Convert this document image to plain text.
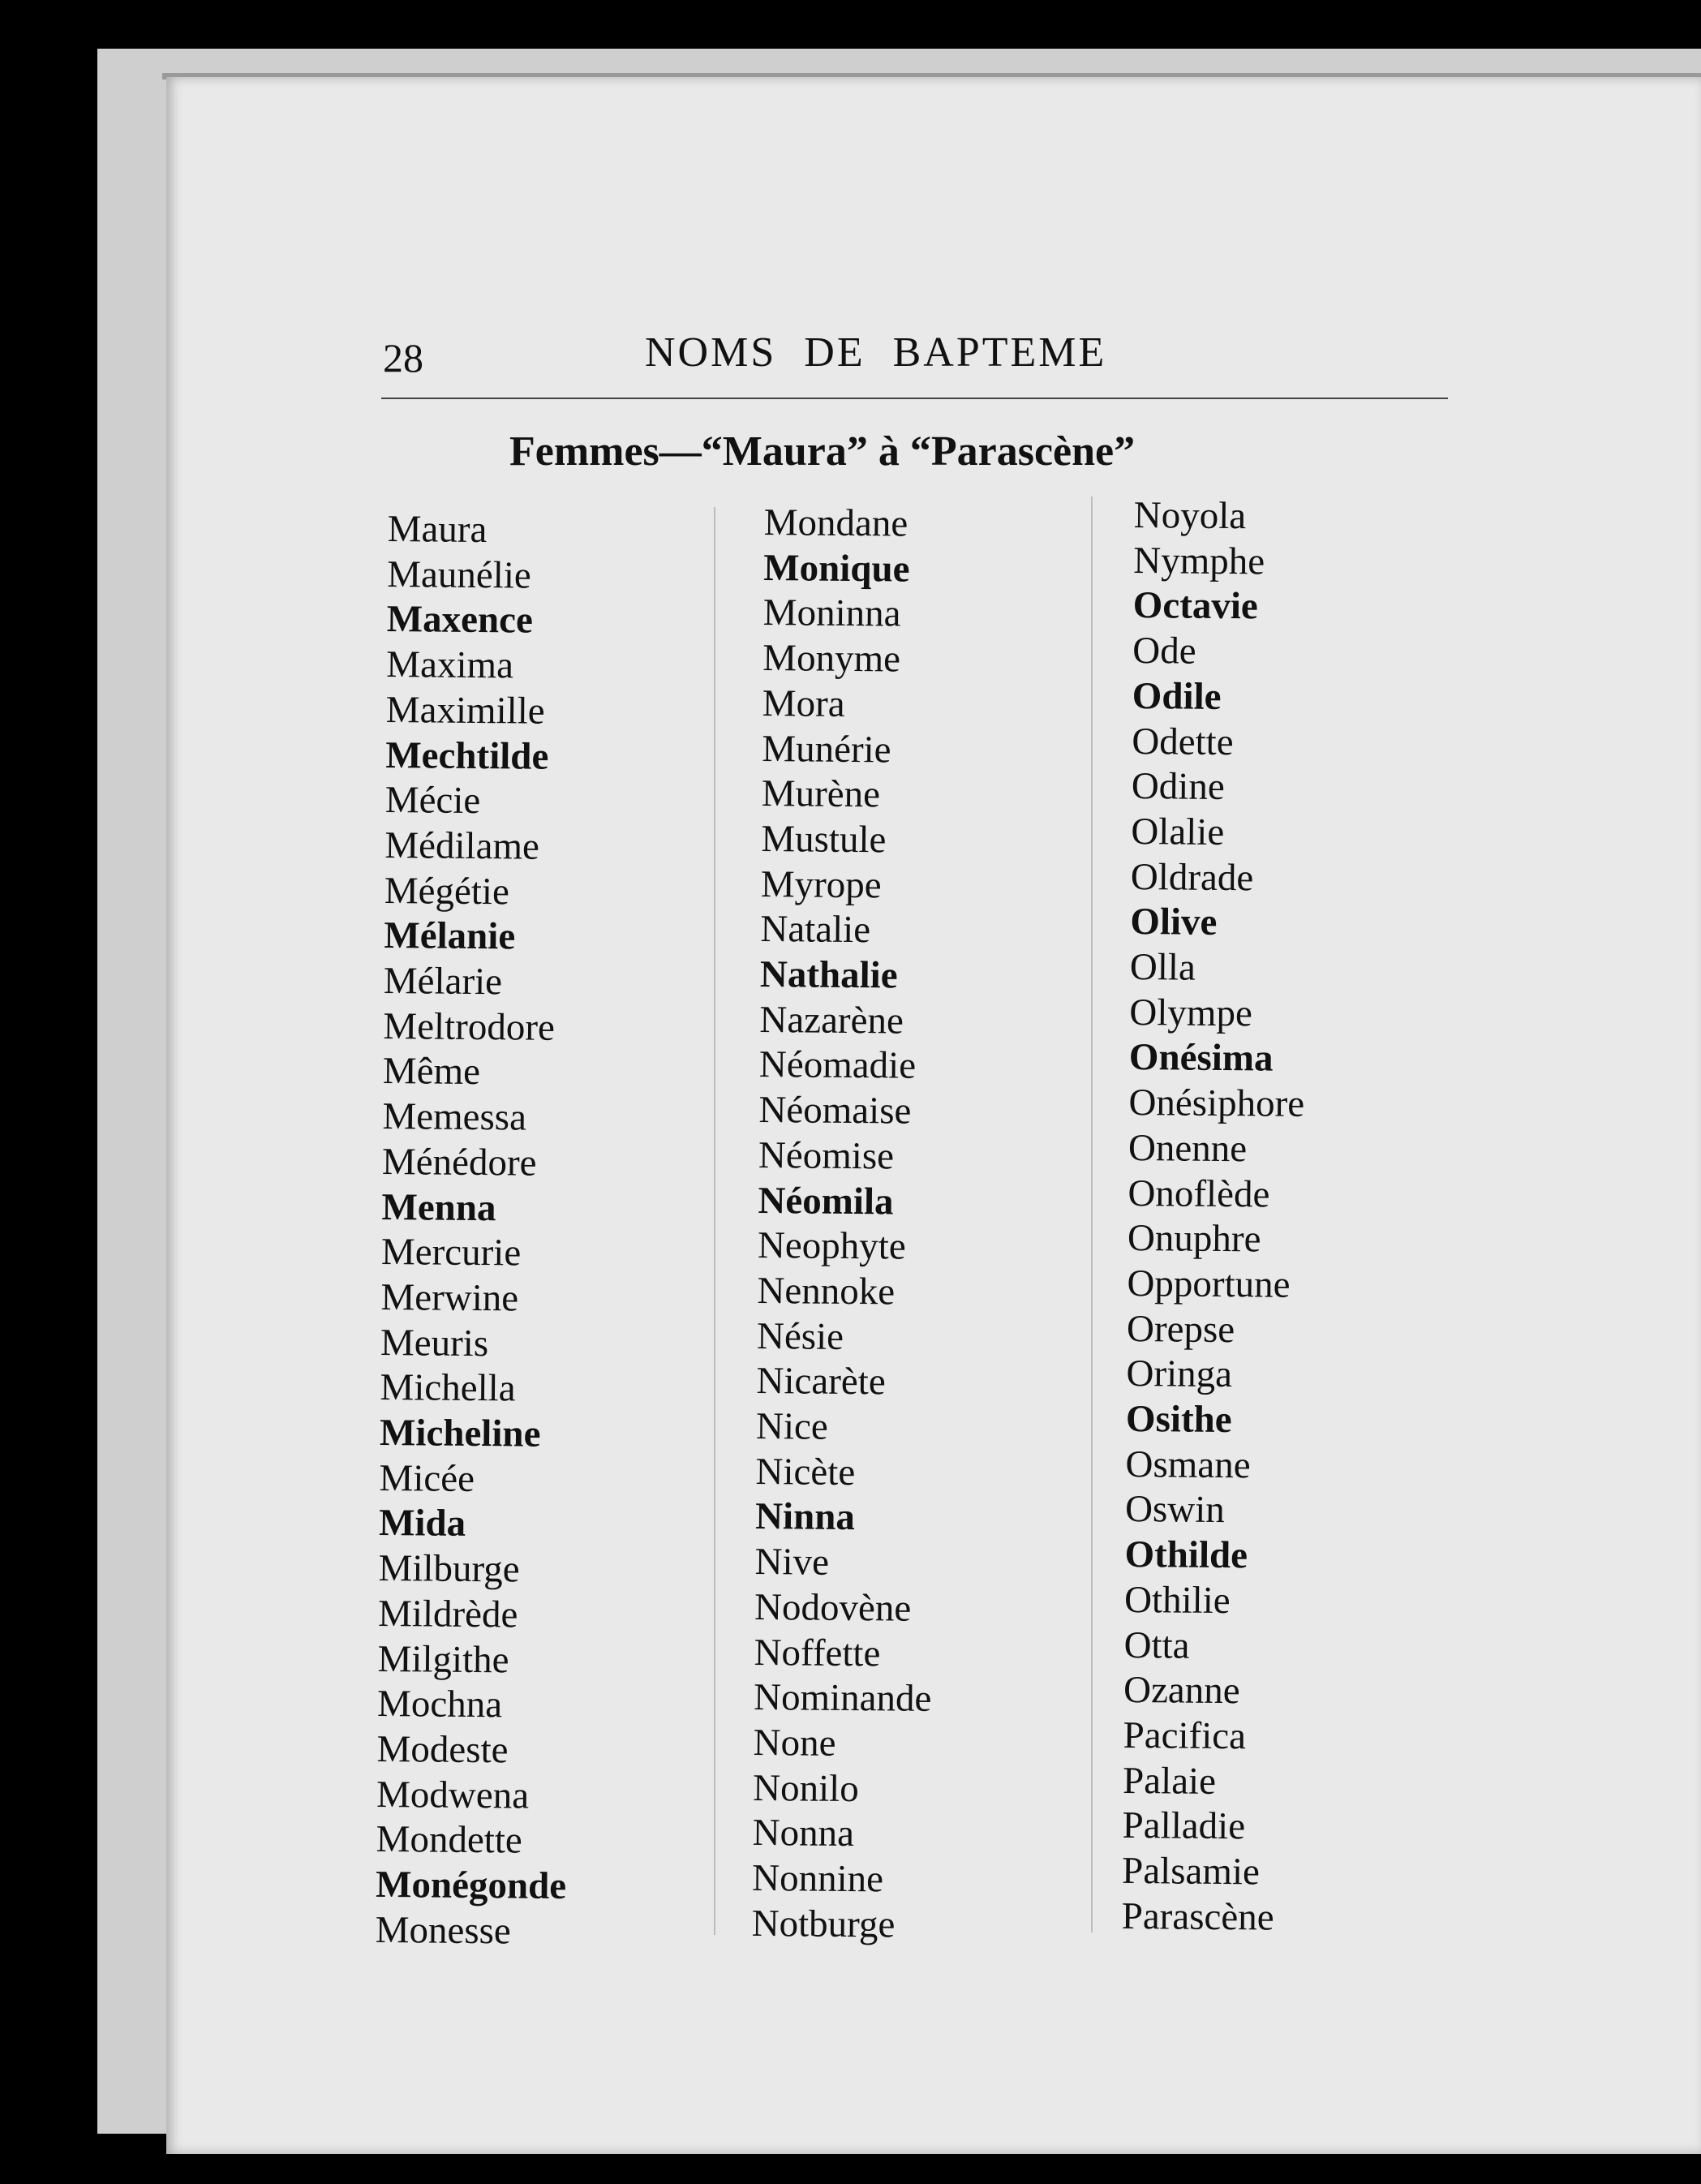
28	NOMS DE BAPTEME
Femmes—“Maura” à “Parascène”
Maura
Maunélie
Maxence
Maxima
Maximille
Mechtilde
Mécie
Médilame
Mégétie
Mélanie
Mélarie
Meltrodore
Même
Memessa
Ménédore
Menna
Mercurie
Merwine
Meuris
Michella
Micheline
Micée
Mida
Milburge
Mildrède
Milgithe
Mochna
Modeste
Modwena
Mondette
Monégonde
Monesse
Mondane
Monique
Moninna
Monyme
Mora
Munérie
Murène
Mustule
Myrope
Natalie
Nathalie
Nazarène
Néomadie
Néomaise
Néomise
Néomila
Neophyte
Nennoke
Nésie
Nicarète
Nice
Nicète
Ninna
Nive
Nodovène
Noffette
Nominande
None
Nonilo
Nonna
Nonnine
Notburge
Noyola
Nymphe
Octavie
Ode
Odile
Odette
Odine
Olalie
Oldrade
Olive
Olla
Olympe
Onésima
Onésiphore
Onenne
Onoflède
Onuphre
Opportune
Orepse
Oringa
Osithe
Osmane
Oswin
Othilde
Othilie
Otta
Ozanne
Pacifica
Palaie
Palladie
Palsamie
Parascène
